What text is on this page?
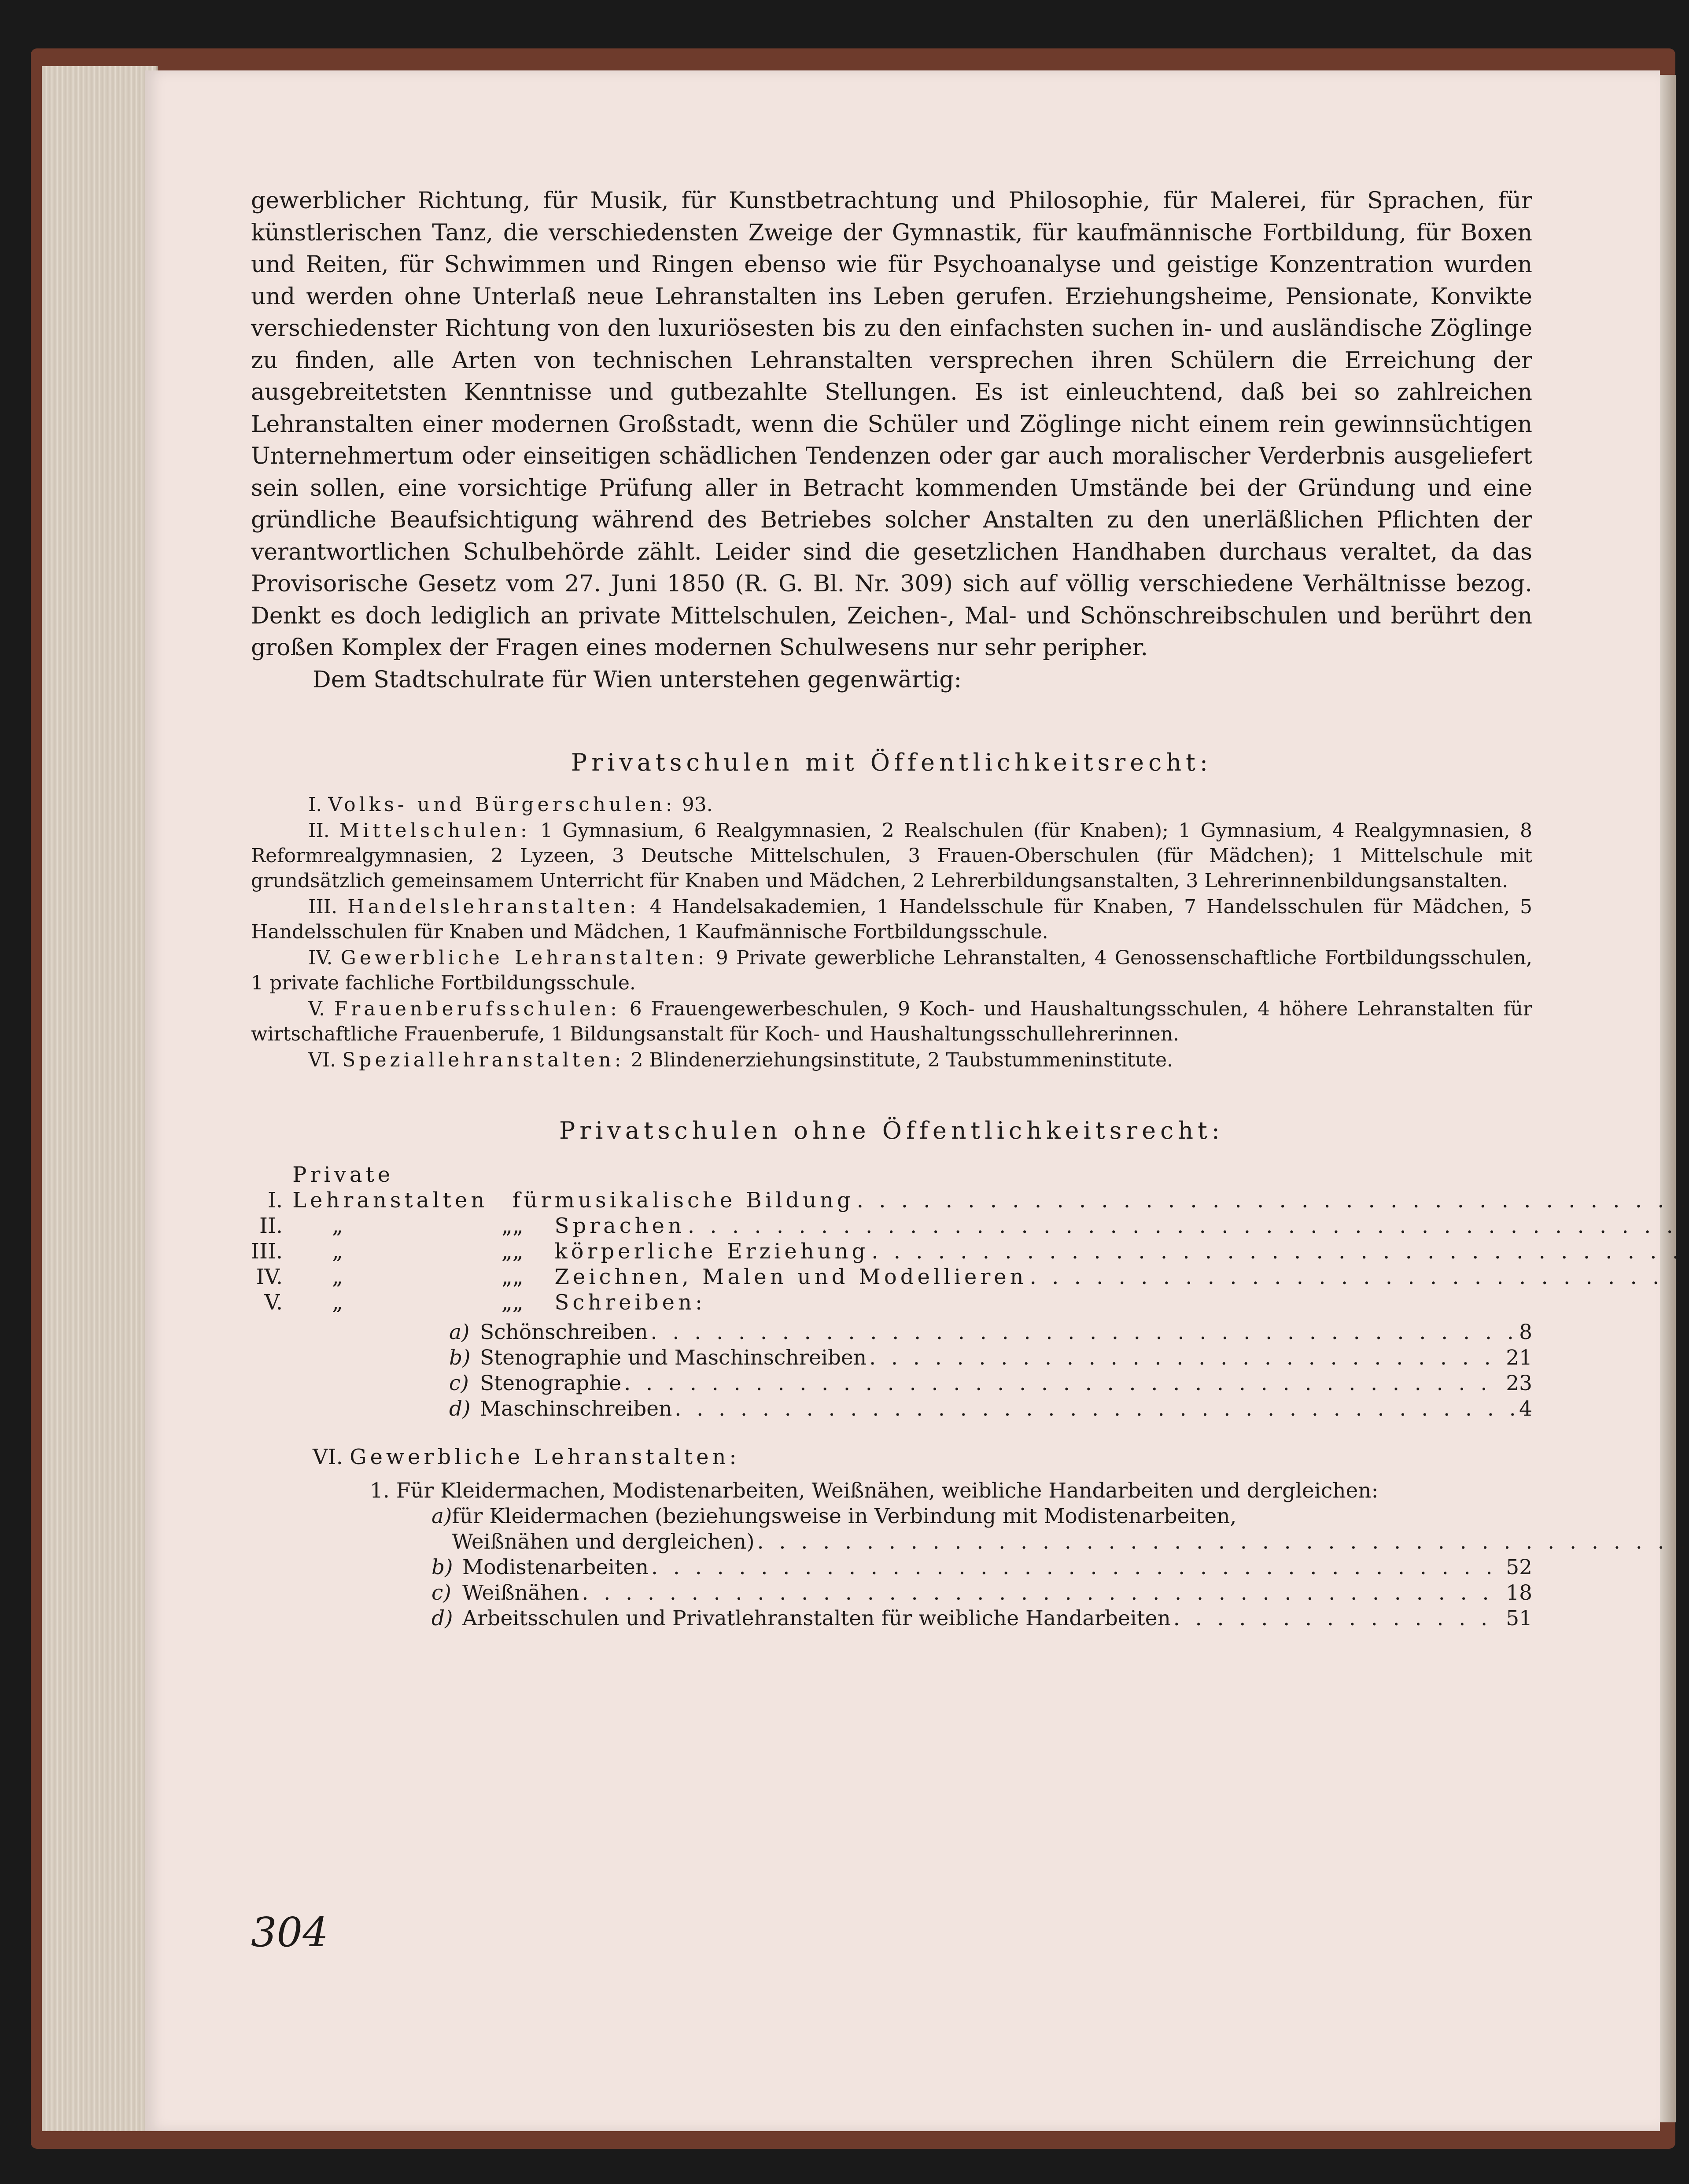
gewerblicher Richtung, für Musik, für Kunstbetrachtung und Philosophie, für Malerei, für Sprachen, für künstlerischen Tanz, die verschiedensten Zweige der Gymnastik, für kaufmännische Fortbildung, für Boxen und Reiten, für Schwimmen und Ringen ebenso wie für Psychoanalyse und geistige Konzentration wurden und werden ohne Unterlaß neue Lehranstalten ins Leben gerufen. Erziehungsheime, Pensionate, Konvikte verschiedenster Richtung von den luxuriösesten bis zu den einfachsten suchen in- und ausländische Zöglinge zu finden, alle Arten von technischen Lehranstalten versprechen ihren Schülern die Erreichung der ausgebreitetsten Kenntnisse und gutbezahlte Stellungen. Es ist einleuchtend, daß bei so zahlreichen Lehranstalten einer modernen Großstadt, wenn die Schüler und Zöglinge nicht einem rein gewinnsüchtigen Unternehmertum oder einseitigen schädlichen Tendenzen oder gar auch moralischer Verderbnis ausgeliefert sein sollen, eine vorsichtige Prüfung aller in Betracht kommenden Umstände bei der Gründung und eine gründliche Beaufsichtigung während des Betriebes solcher Anstalten zu den unerläßlichen Pflichten der verantwortlichen Schulbehörde zählt. Leider sind die gesetzlichen Handhaben durchaus veraltet, da das Provisorische Gesetz vom 27. Juni 1850 (R. G. Bl. Nr. 309) sich auf völlig verschiedene Verhältnisse bezog. Denkt es doch lediglich an private Mittelschulen, Zeichen-, Mal- und Schönschreibschulen und berührt den großen Komplex der Fragen eines modernen Schulwesens nur sehr peripher.

Dem Stadtschulrate für Wien unterstehen gegenwärtig:

Privatschulen mit Öffentlichkeitsrecht:

I. Volks- und Bürgerschulen: 93.

II. Mittelschulen: 1 Gymnasium, 6 Realgymnasien, 2 Realschulen (für Knaben); 1 Gymnasium, 4 Realgymnasien, 8 Reformrealgymnasien, 2 Lyzeen, 3 Deutsche Mittelschulen, 3 Frauen-Oberschulen (für Mädchen); 1 Mittelschule mit grundsätzlich gemeinsamem Unterricht für Knaben und Mädchen, 2 Lehrerbildungsanstalten, 3 Lehrerinnenbildungsanstalten.

III. Handelslehranstalten: 4 Handelsakademien, 1 Handelsschule für Knaben, 7 Handelsschulen für Mädchen, 5 Handelsschulen für Knaben und Mädchen, 1 Kaufmännische Fortbildungsschule.

IV. Gewerbliche Lehranstalten: 9 Private gewerbliche Lehranstalten, 4 Genossenschaftliche Fortbildungsschulen, 1 private fachliche Fortbildungsschule.

V. Frauenberufsschulen: 6 Frauengewerbeschulen, 9 Koch- und Haushaltungsschulen, 4 höhere Lehranstalten für wirtschaftliche Frauenberufe, 1 Bildungsanstalt für Koch- und Haushaltungsschullehrerinnen.

VI. Speziallehranstalten: 2 Blindenerziehungsinstitute, 2 Taubstummeninstitute.

Privatschulen ohne Öffentlichkeitsrecht:

I.	Private Lehranstalten	für	musikalische Bildung
. . .

II.	„ „	„	Sprachen
. . .

III.	„ „	„	körperliche Erziehung
. . .

IV.	„ „	„	Zeichnen, Malen und Modellieren
. . .

V.	„ „	„	Schreiben:
a) Schönschreiben . . .	8
b) Stenographie und Maschinschreiben . . .	21
c) Stenographie . . .	23
d) Maschinschreiben . . .	4
VI. Gewerbliche Lehranstalten:
1. Für Kleidermachen, Modistenarbeiten, Weißnähen, weibliche Handarbeiten und dergleichen:
a) für Kleidermachen (beziehungsweise in Verbindung mit Modistenarbeiten,
Weißnähen und dergleichen)
. . .
b) Modistenarbeiten . . .	52
c) Weißnähen . . .	18
d) Arbeitsschulen und Privatlehranstalten für weibliche Handarbeiten . . .	51
304
